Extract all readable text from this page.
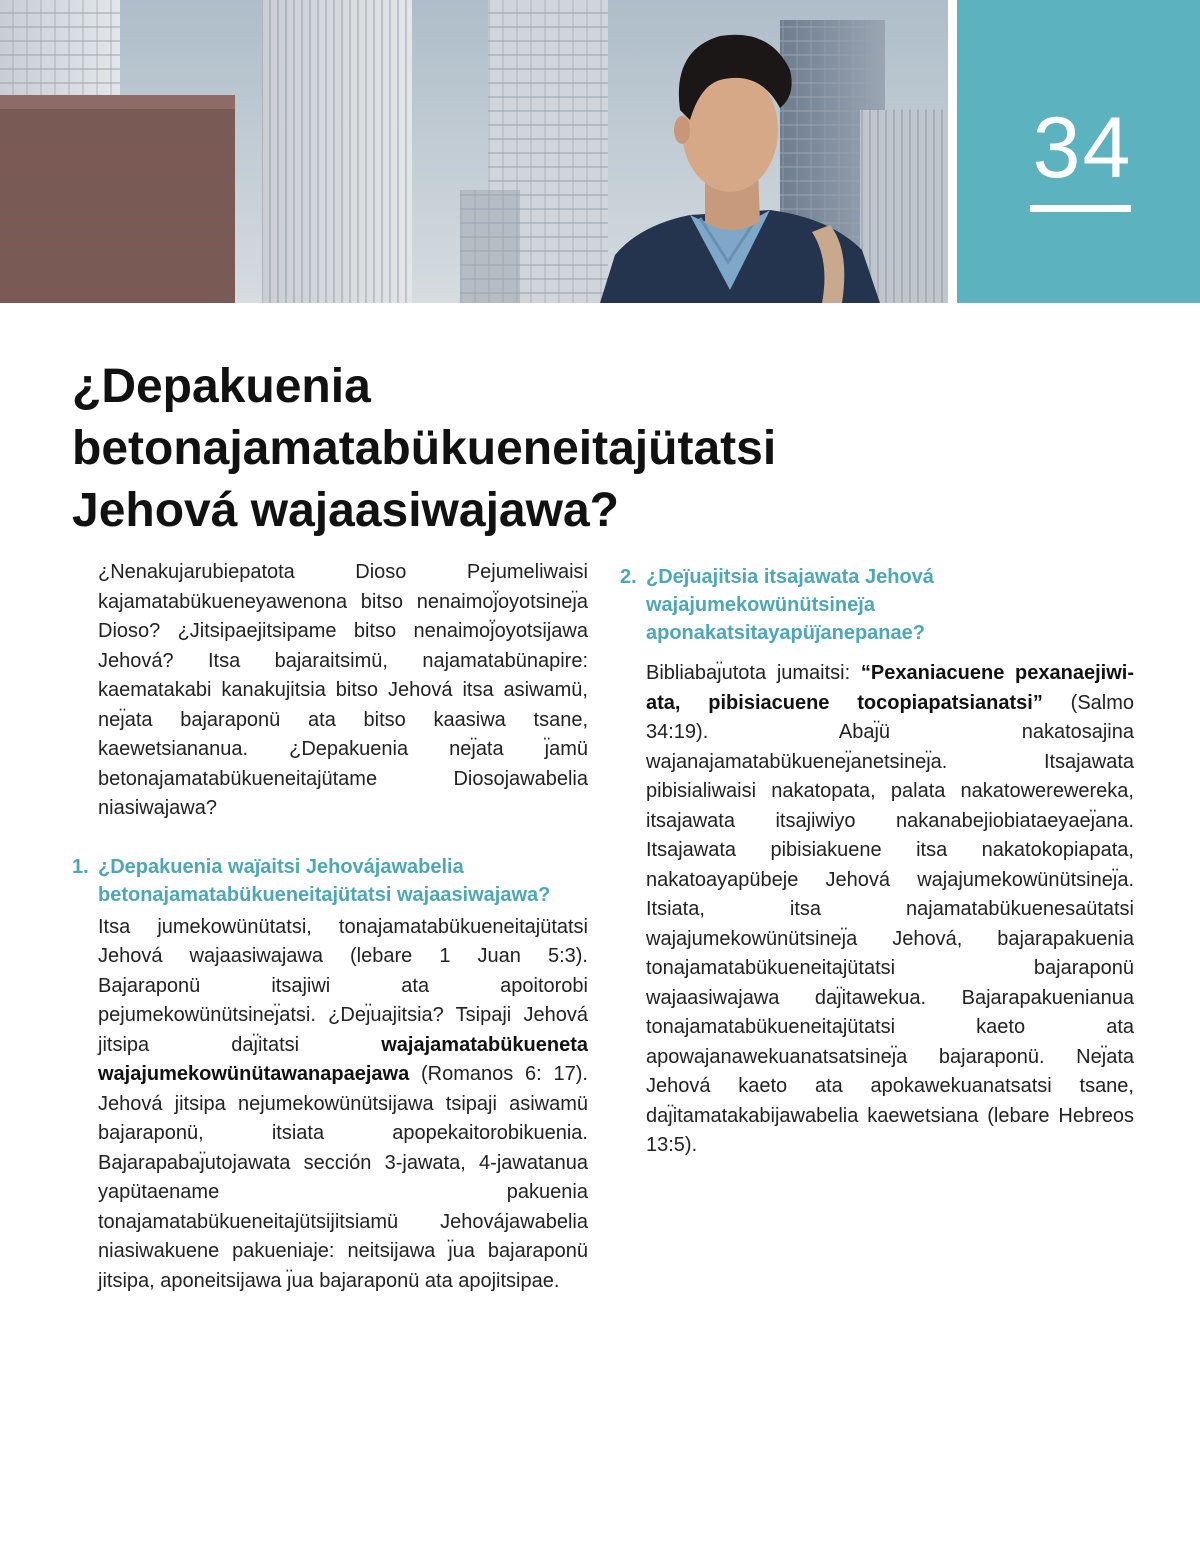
34
¿Depakuenia
betonajamatabükueneitajütatsi
Jehová wajaasiwajawa?

¿Nenakujarubiepatota Dioso Pejumeliwaisi kajamatabükueneyawenona bitso nenaimoj̈oyotsineȷ̈a Dioso? ¿Jitsipaejitsipame bitso nenaimoj̈oyotsijawa Jehová? Itsa bajaraitsimü, najamatabünapire: kaematakabi kanakujitsia bitso Jehová itsa asiwamü, neȷ̈ata bajaraponü ata bitso kaasiwa tsane, kaewetsiananua. ¿Depakuenia neȷ̈ata ȷ̈amü betonajamatabükueneitajütame Diosojawabelia niasiwajawa?

1. ¿Depakuenia waȷ̈aitsi Jehovájawabelia betonajamatabükueneitajütatsi wajaasiwajawa?

Itsa jumekowünütatsi, tonajamatabükueneitajütatsi Jehová wajaasiwajawa (lebare 1 Juan 5:3). Bajaraponü itsajiwi ata apoitorobi pejumekowünütsineȷ̈atsi. ¿Deȷ̈uajitsia? Tsipaji Jehová jitsipa daȷ̈itatsi wajajamatabükueneta wajajumekowünütawanapaejawa (Romanos 6: 17). Jehová jitsipa nejumekowünütsijawa tsipaji asiwamü bajaraponü, itsiata apopekaitorobikuenia. Bajarapabaȷ̈utojawata sección 3-jawata, 4-jawatanua yapütaename pakuenia tonajamatabükueneitajütsijitsiamü Jehovájawabelia niasiwakuene pakueniaje: neitsijawa ȷ̈ua bajaraponü jitsipa, aponeitsijawa ȷ̈ua bajaraponü ata apojitsipae.

2. ¿Deȷ̈uajitsia itsajawata Jehová wajajumekowünütsineȷ̈a aponakatsitayapüȷ̈anepanae?

Bibliabaȷ̈utota jumaitsi: “Pexaniacuene pexanaejiwi-ata, pibisiacuene tocopiapatsianatsi” (Salmo 34:19). Abaȷ̈ü nakatosajina wajanajamatabükueneȷ̈anetsineȷ̈a. Itsajawata pibisialiwaisi nakatopata, palata nakatowerewereka, itsajawata itsajiwiyo nakanabejiobiataeyaeȷ̈ana. Itsajawata pibisiakuene itsa nakatokopiapata, nakatoayapübeje Jehová wajajumekowünütsineȷ̈a. Itsiata, itsa najamatabükuenesaütatsi wajajumekowünütsineȷ̈a Jehová, bajarapakuenia tonajamatabükueneitajütatsi bajaraponü wajaasiwajawa daȷ̈itawekua. Bajarapakuenianua tonajamatabükueneitajütatsi kaeto ata apowajanawekuanatsatsineȷ̈a bajaraponü. Neȷ̈ata Jehová kaeto ata apokawekuanatsatsi tsane, daȷ̈itamatakabijawabelia kaewetsiana (lebare Hebreos 13:5).
